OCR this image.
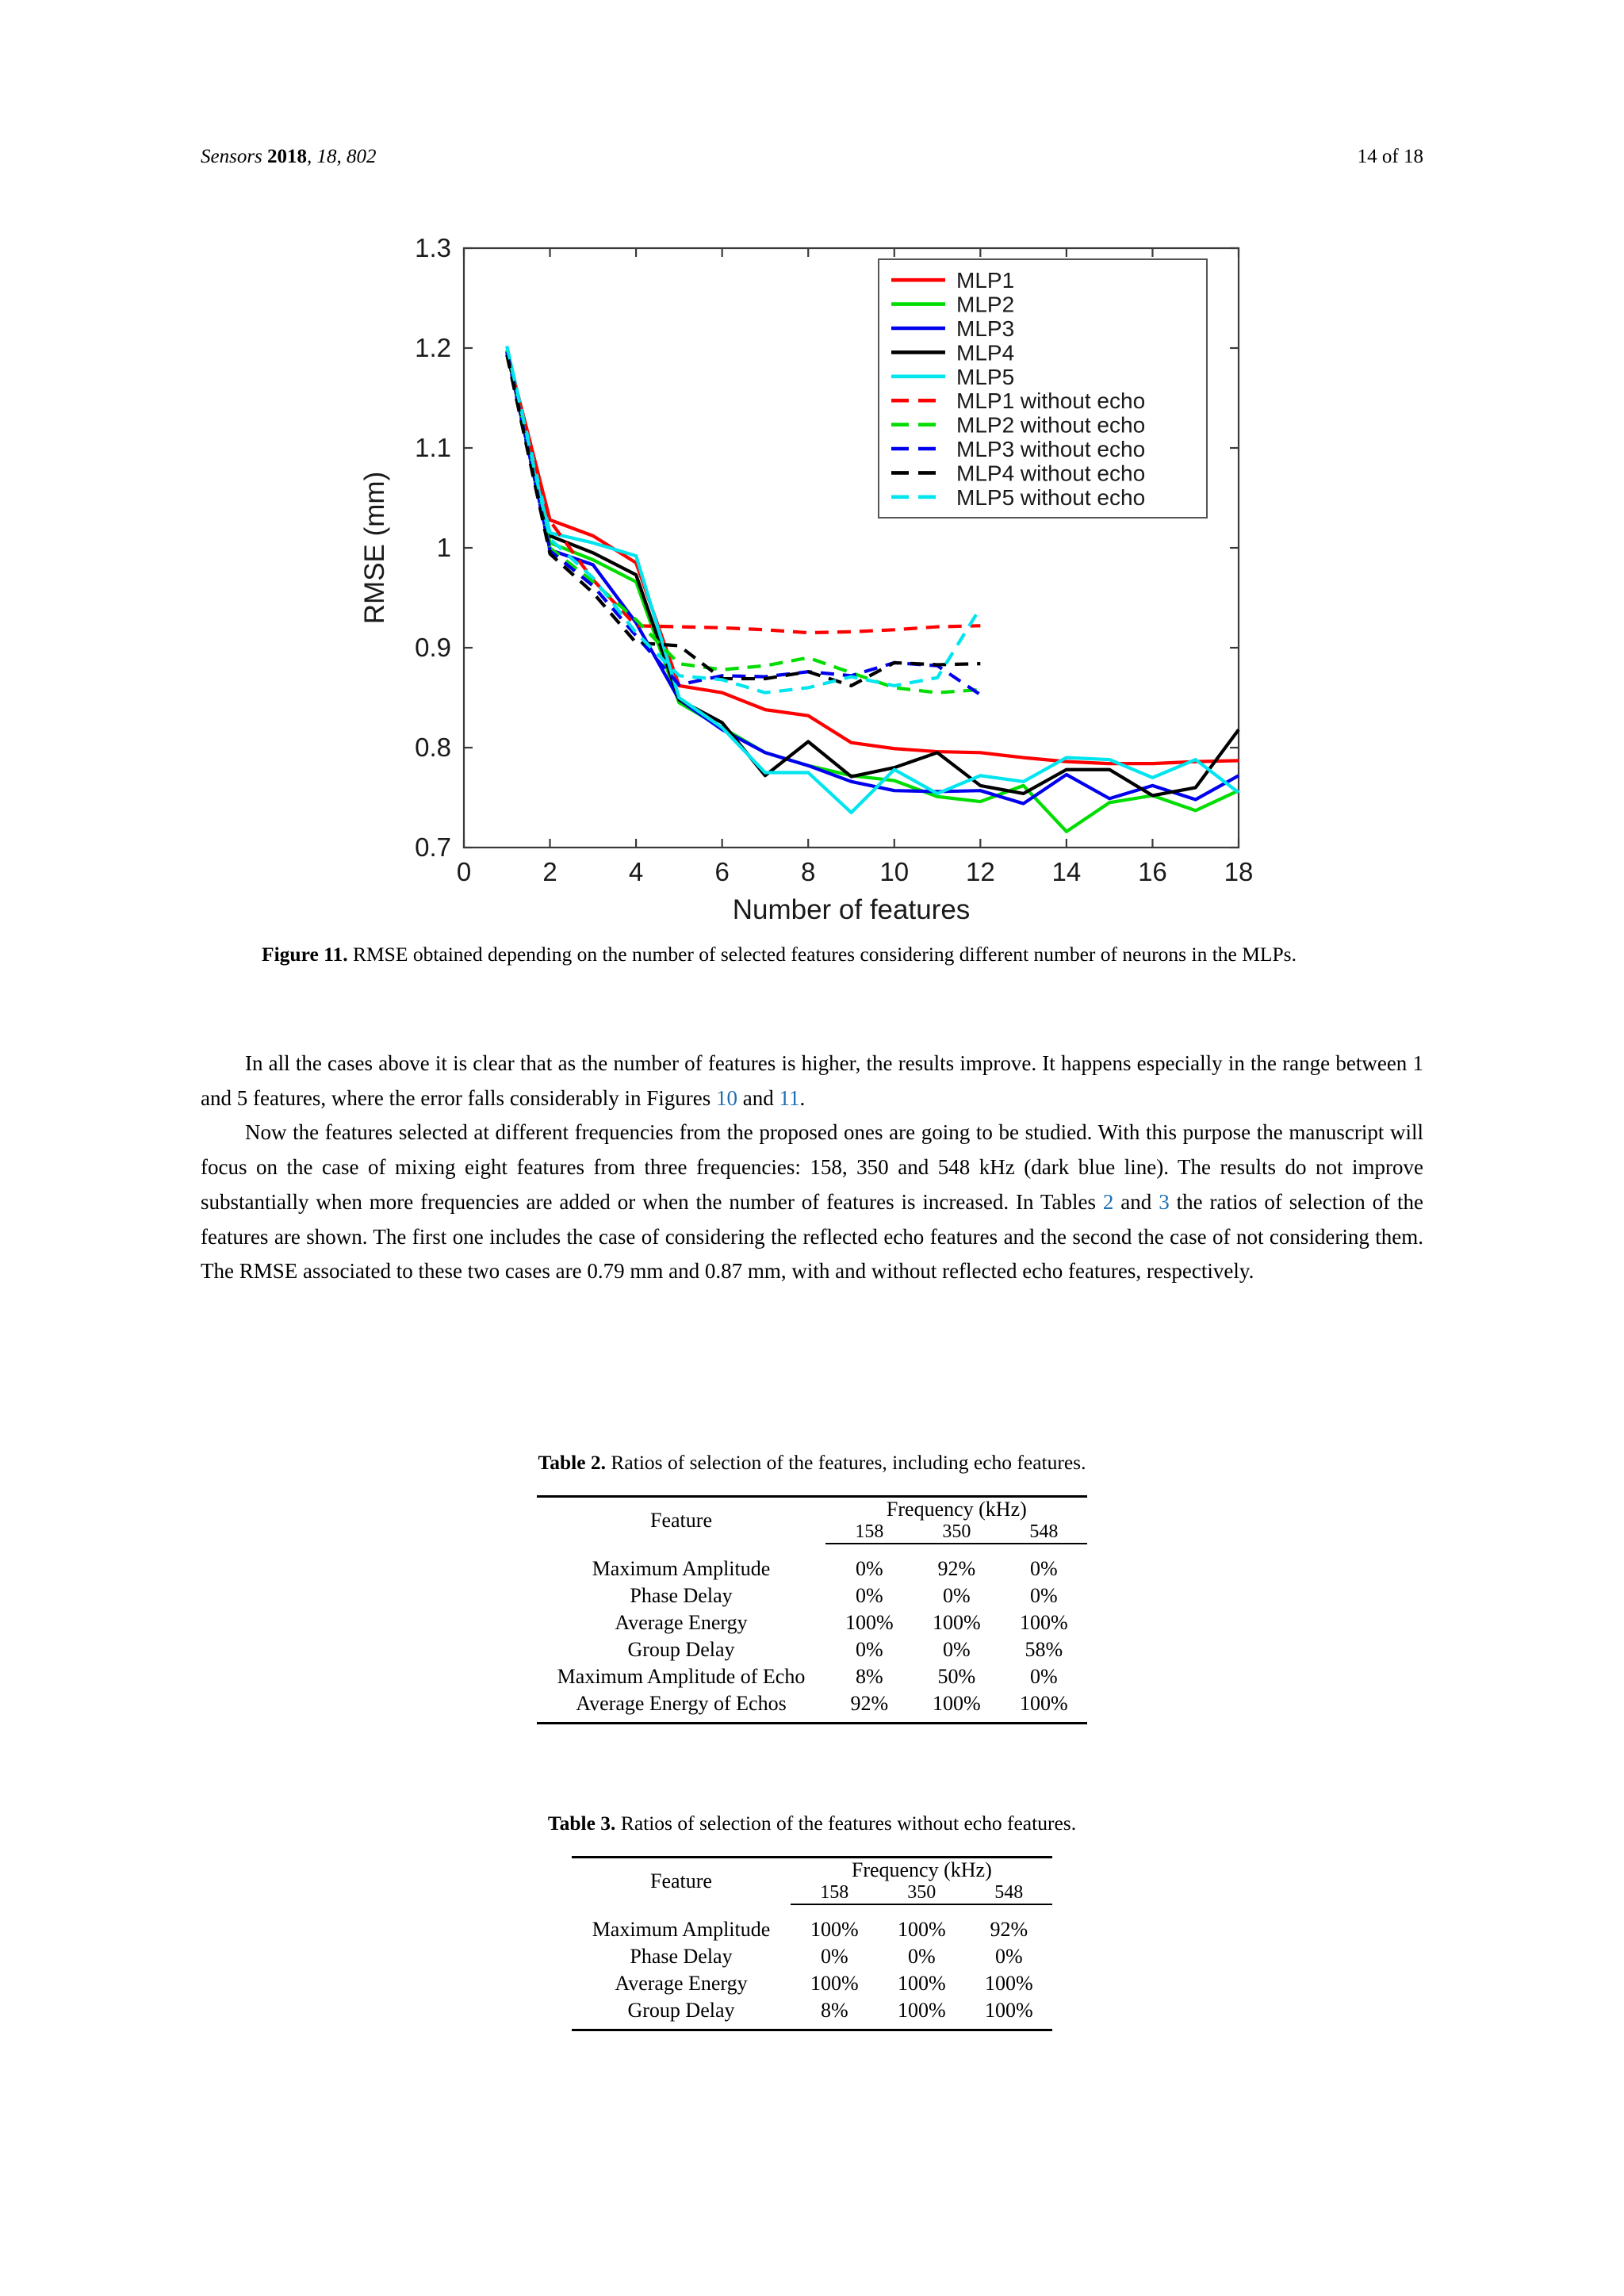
Sensors 2018, 18, 802	14 of 18
0	2	4	6	8 10 12 14 16 18
0.7
0.8
0.9
1
1.1
1.2
1.3
Number of features
RMSE (mm)
MLP1
MLP2
MLP3
MLP4
MLP5
MLP1 without echo
MLP2 without echo
MLP3 without echo
MLP4 without echo
MLP5 without echo
Figure 11. RMSE obtained depending on the number of selected features considering different number of neurons in the MLPs.

In all the cases above it is clear that as the number of features is higher, the results improve. It happens especially in the range between 1 and 5 features, where the error falls considerably in Figures 10 and 11.

Now the features selected at different frequencies from the proposed ones are going to be studied. With this purpose the manuscript will focus on the case of mixing eight features from three frequencies: 158, 350 and 548 kHz (dark blue line). The results do not improve substantially when more frequencies are added or when the number of features is increased. In Tables 2 and 3 the ratios of selection of the features are shown. The first one includes the case of considering the reflected echo features and the second the case of not considering them. The RMSE associated to these two cases are 0.79 mm and 0.87 mm, with and without reflected echo features, respectively.

Table 2. Ratios of selection of the features, including echo features.
Feature	Frequency (kHz)		
	158	350	548

Maximum Amplitude	0%	92%	0%
Phase Delay	0%	0%	0%
Average Energy	100%	100%	100%
Group Delay	0%	0%	58%
Maximum Amplitude of Echo	8%	50%	0%
Average Energy of Echos	92%	100%	100%

Table 3. Ratios of selection of the features without echo features.
Feature	Frequency (kHz)		
	158	350	548

Maximum Amplitude	100%	100%	92%
Phase Delay	0%	0%	0%
Average Energy	100%	100%	100%
Group Delay	8%	100%	100%
